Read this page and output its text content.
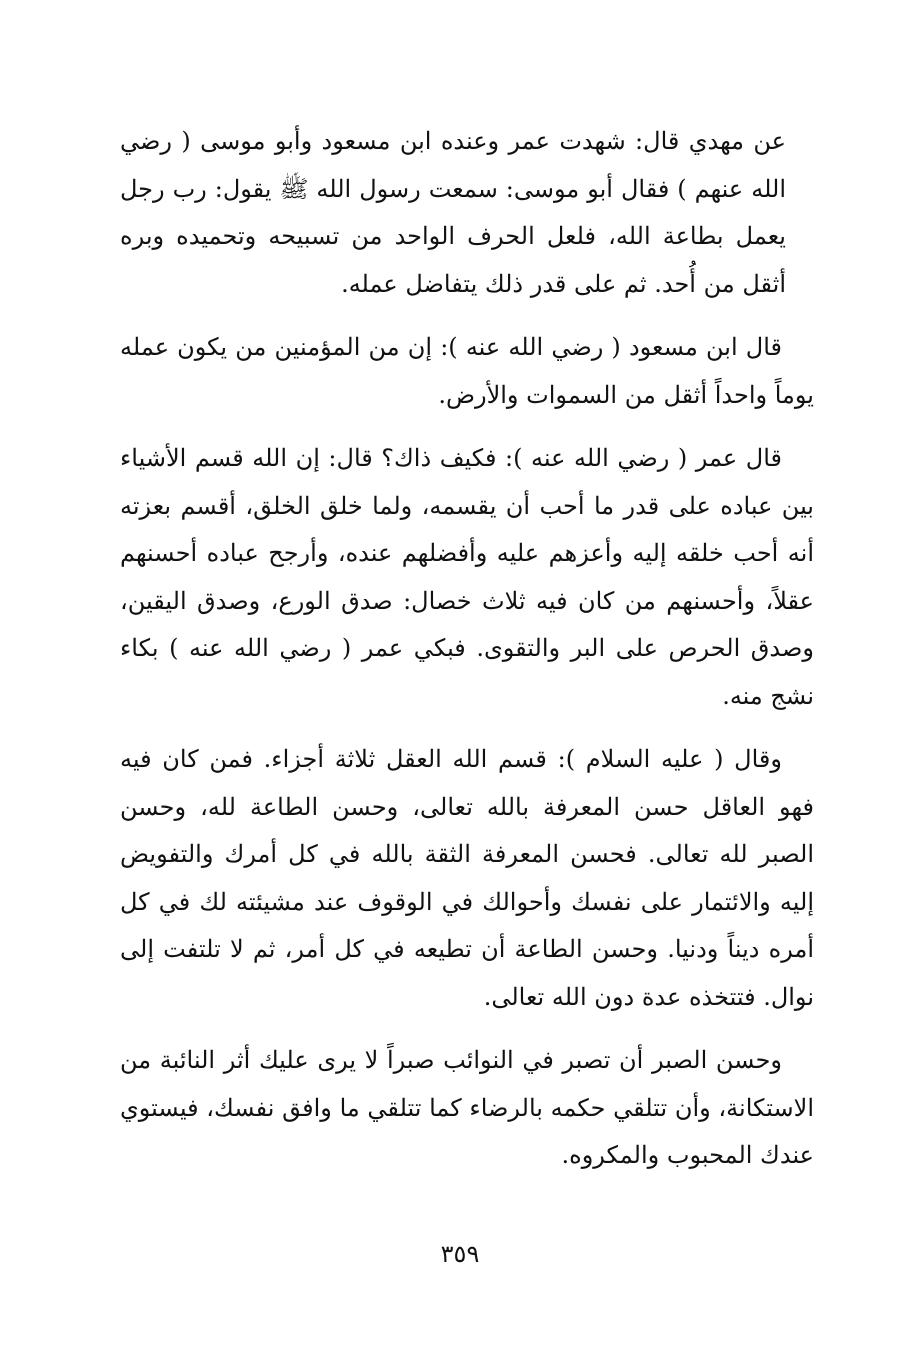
عن مهدي قال: شهدت عمر وعنده ابن مسعود وأبو موسى ( رضي الله عنهم ) فقال أبو موسى: سمعت رسول الله ﷺ يقول: رب رجل يعمل بطاعة الله، فلعل الحرف الواحد من تسبيحه وتحميده وبره أثقل من أُحد. ثم على قدر ذلك يتفاضل عمله.

قال ابن مسعود ( رضي الله عنه ): إن من المؤمنين من يكون عمله يوماً واحداً أثقل من السموات والأرض.

قال عمر ( رضي الله عنه ): فكيف ذاك؟ قال: إن الله قسم الأشياء بين عباده على قدر ما أحب أن يقسمه، ولما خلق الخلق، أقسم بعزته أنه أحب خلقه إليه وأعزهم عليه وأفضلهم عنده، وأرجح عباده أحسنهم عقلاً، وأحسنهم من كان فيه ثلاث خصال: صدق الورع، وصدق اليقين، وصدق الحرص على البر والتقوى. فبكي عمر ( رضي الله عنه ) بكاء نشج منه.

وقال ( عليه السلام ): قسم الله العقل ثلاثة أجزاء. فمن كان فيه فهو العاقل حسن المعرفة بالله تعالى، وحسن الطاعة لله، وحسن الصبر لله تعالى. فحسن المعرفة الثقة بالله في كل أمرك والتفويض إليه والائتمار على نفسك وأحوالك في الوقوف عند مشيئته لك في كل أمره ديناً ودنيا. وحسن الطاعة أن تطيعه في كل أمر، ثم لا تلتفت إلى نوال. فتتخذه عدة دون الله تعالى.

وحسن الصبر أن تصبر في النوائب صبراً لا يرى عليك أثر النائبة من الاستكانة، وأن تتلقي حكمه بالرضاء كما تتلقي ما وافق نفسك، فيستوي عندك المحبوب والمكروه.

٣٥٩
